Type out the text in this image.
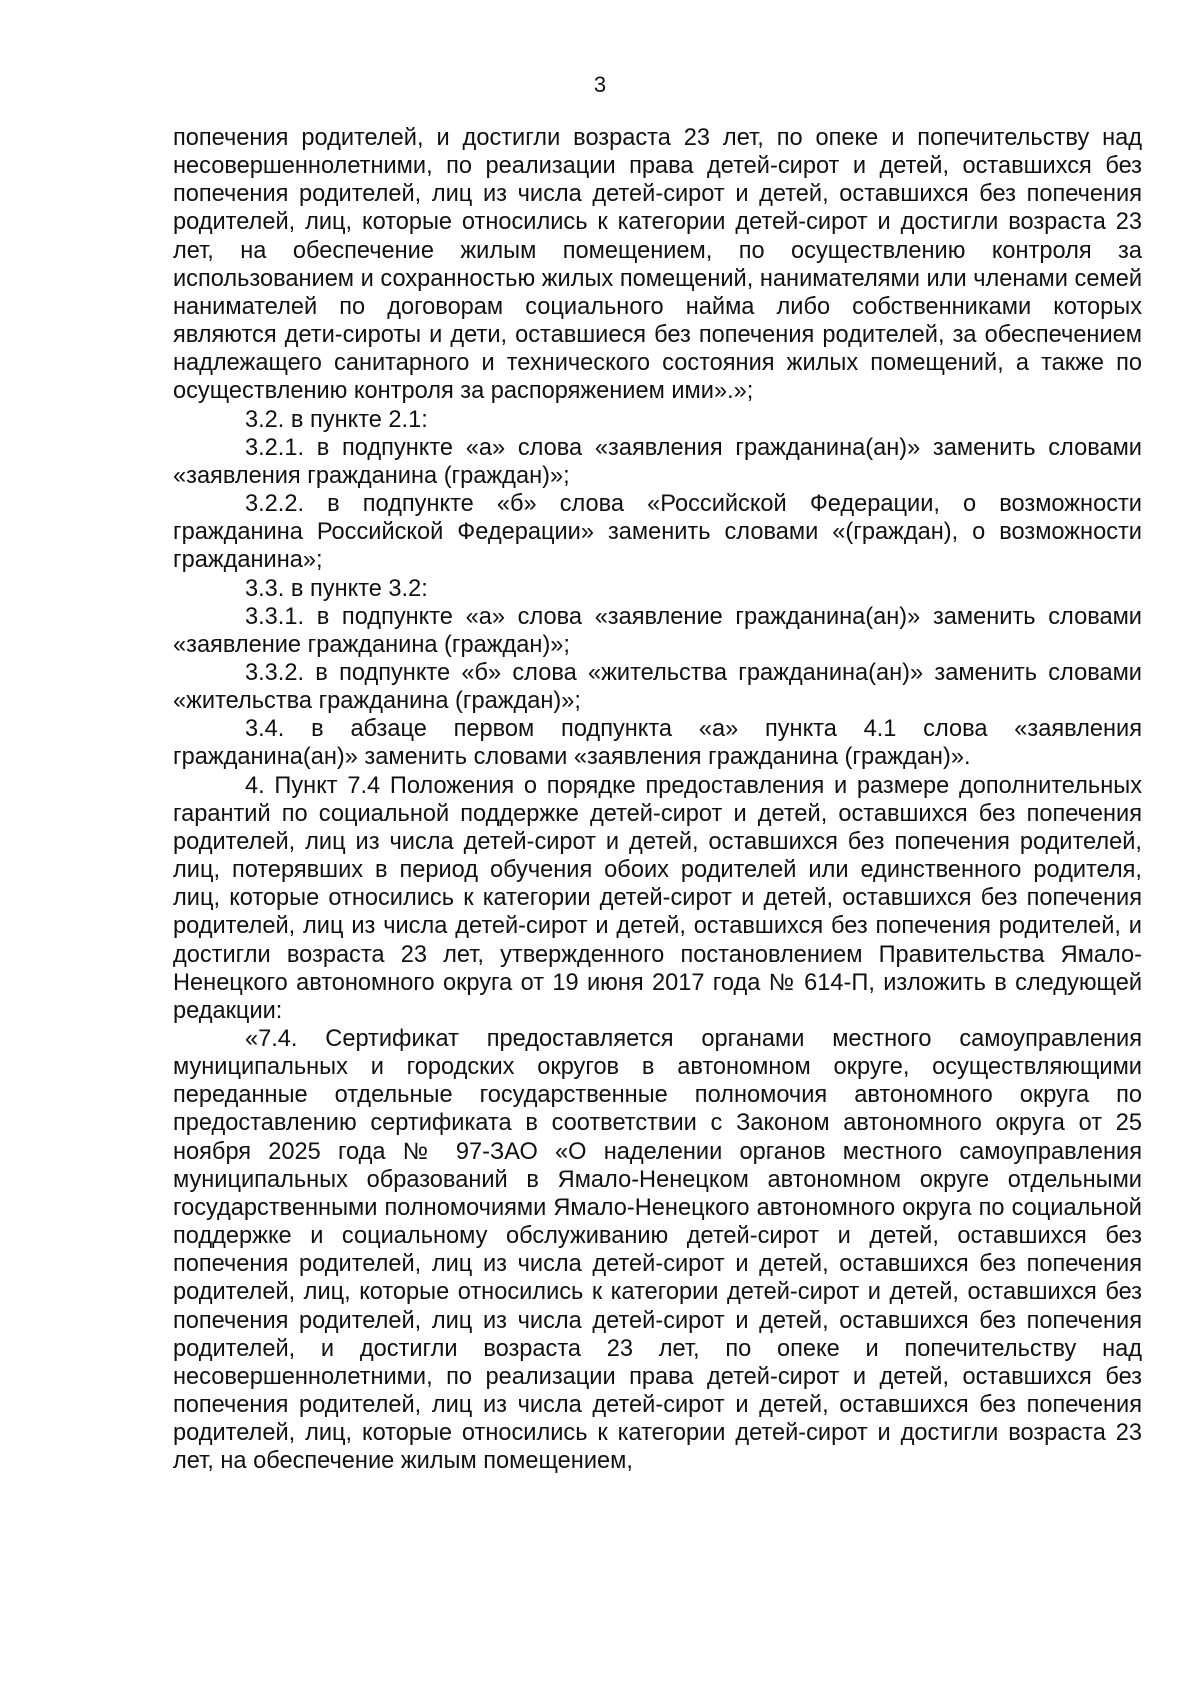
3

попечения родителей, и достигли возраста 23 лет, по опеке и попечительству над несовершеннолетними, по реализации права детей-сирот и детей, оставшихся без попечения родителей, лиц из числа детей-сирот и детей, оставшихся без попечения родителей, лиц, которые относились к категории детей-сирот и достигли возраста 23 лет, на обеспечение жилым помещением, по осуществлению контроля за использованием и сохранностью жилых помещений, нанимателями или членами семей нанимателей по договорам социального найма либо собственниками которых являются дети-сироты и дети, оставшиеся без попечения родителей, за обеспечением надлежащего санитарного и технического состояния жилых помещений, а также по осуществлению контроля за распоряжением ими».»;

3.2. в пункте 2.1:

3.2.1. в подпункте «а» слова «заявления гражданина(ан)» заменить словами «заявления гражданина (граждан)»;

3.2.2. в подпункте «б» слова «Российской Федерации, о возможности гражданина Российской Федерации» заменить словами «(граждан), о возможности гражданина»;

3.3. в пункте 3.2:

3.3.1. в подпункте «а» слова «заявление гражданина(ан)» заменить словами «заявление гражданина (граждан)»;

3.3.2. в подпункте «б» слова «жительства гражданина(ан)» заменить словами «жительства гражданина (граждан)»;

3.4. в абзаце первом подпункта «а» пункта 4.1 слова «заявления гражданина(ан)» заменить словами «заявления гражданина (граждан)».

4. Пункт 7.4 Положения о порядке предоставления и размере дополнительных гарантий по социальной поддержке детей-сирот и детей, оставшихся без попечения родителей, лиц из числа детей-сирот и детей, оставшихся без попечения родителей, лиц, потерявших в период обучения обоих родителей или единственного родителя, лиц, которые относились к категории детей-сирот и детей, оставшихся без попечения родителей, лиц из числа детей-сирот и детей, оставшихся без попечения родителей, и достигли возраста 23 лет, утвержденного постановлением Правительства Ямало-Ненецкого автономного округа от 19 июня 2017 года № 614-П, изложить в следующей редакции:

«7.4. Сертификат предоставляется органами местного самоуправления муниципальных и городских округов в автономном округе, осуществляющими переданные отдельные государственные полномочия автономного округа по предоставлению сертификата в соответствии с Законом автономного округа от 25 ноября 2025 года № 97-ЗАО «О наделении органов местного самоуправления муниципальных образований в Ямало-Ненецком автономном округе отдельными государственными полномочиями Ямало-Ненецкого автономного округа по социальной поддержке и социальному обслуживанию детей-сирот и детей, оставшихся без попечения родителей, лиц из числа детей-сирот и детей, оставшихся без попечения родителей, лиц, которые относились к категории детей-сирот и детей, оставшихся без попечения родителей, лиц из числа детей-сирот и детей, оставшихся без попечения родителей, и достигли возраста 23 лет, по опеке и попечительству над несовершеннолетними, по реализации права детей-сирот и детей, оставшихся без попечения родителей, лиц из числа детей-сирот и детей, оставшихся без попечения родителей, лиц, которые относились к категории детей-сирот и достигли возраста 23 лет, на обеспечение жилым помещением,
